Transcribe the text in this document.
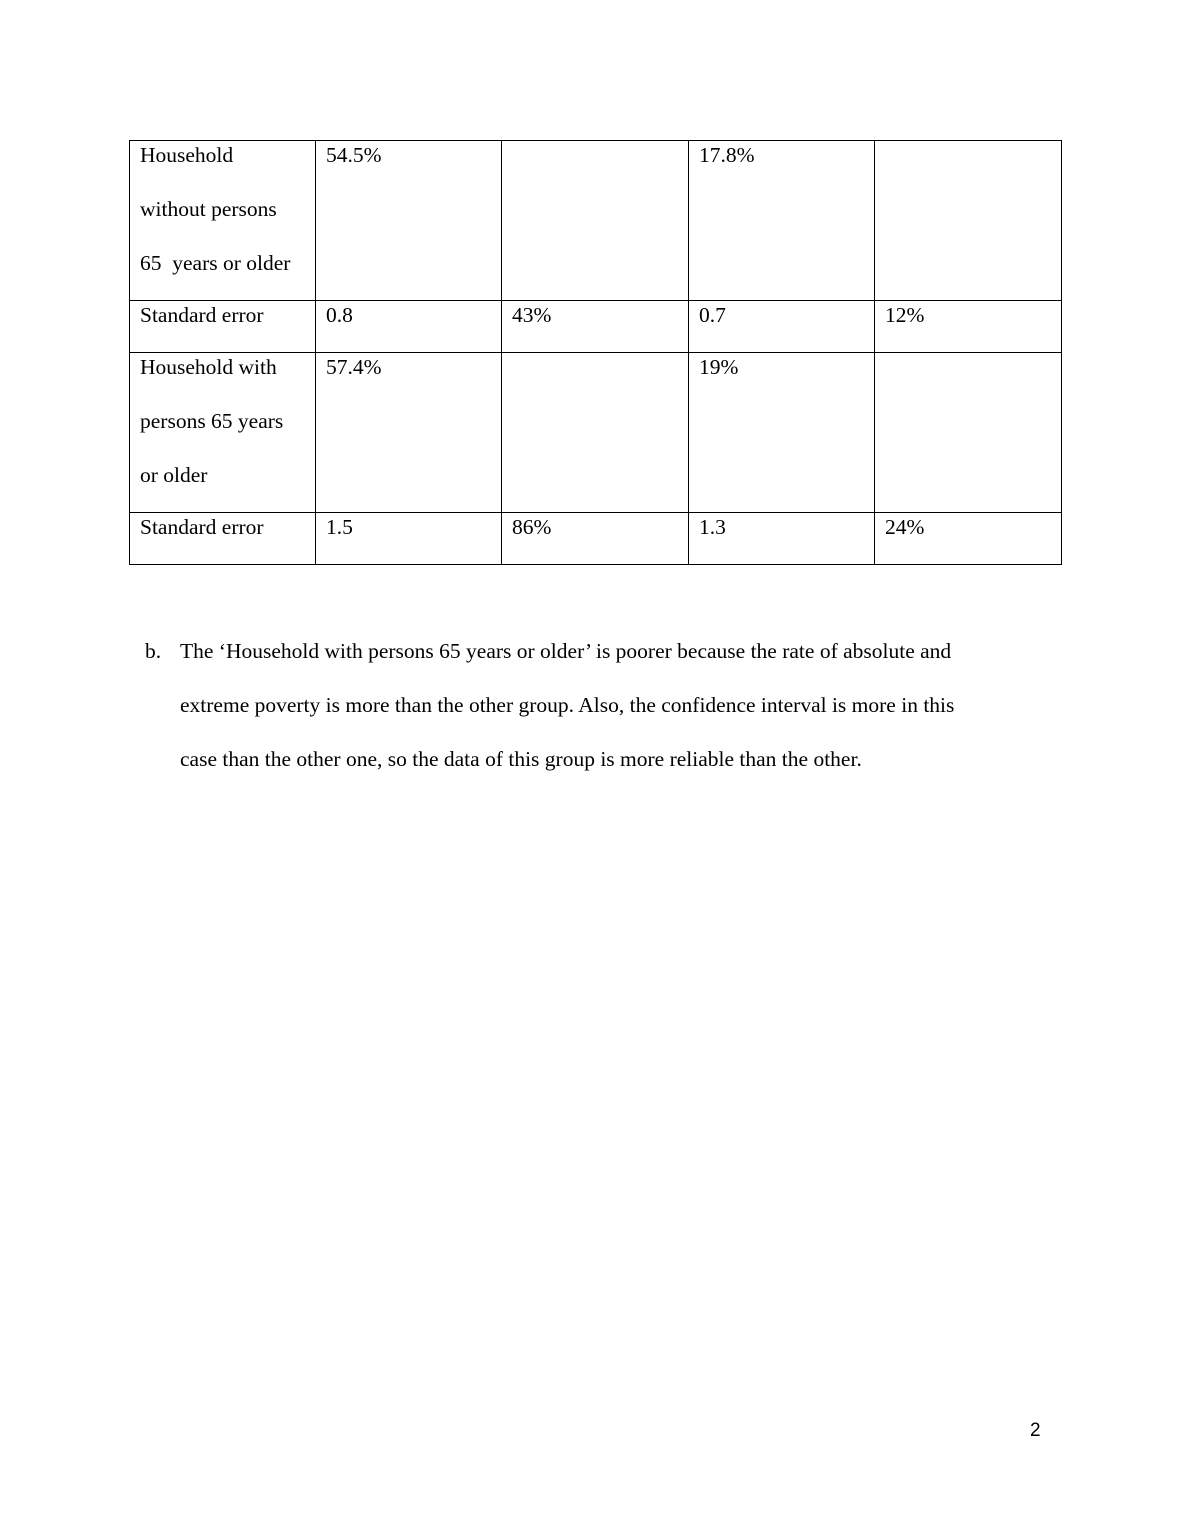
Household
without persons
65  years or older	54.5%		17.8%	

Standard error	0.8	43%	0.7	12%

Household with
persons 65 years
or older	57.4%		19%	

Standard error	1.5	86%	1.3	24%
b. The ‘Household with persons 65 years or older’ is poorer because the rate of absolute and
extreme poverty is more than the other group. Also, the confidence interval is more in this
case than the other one, so the data of this group is more reliable than the other.
2
